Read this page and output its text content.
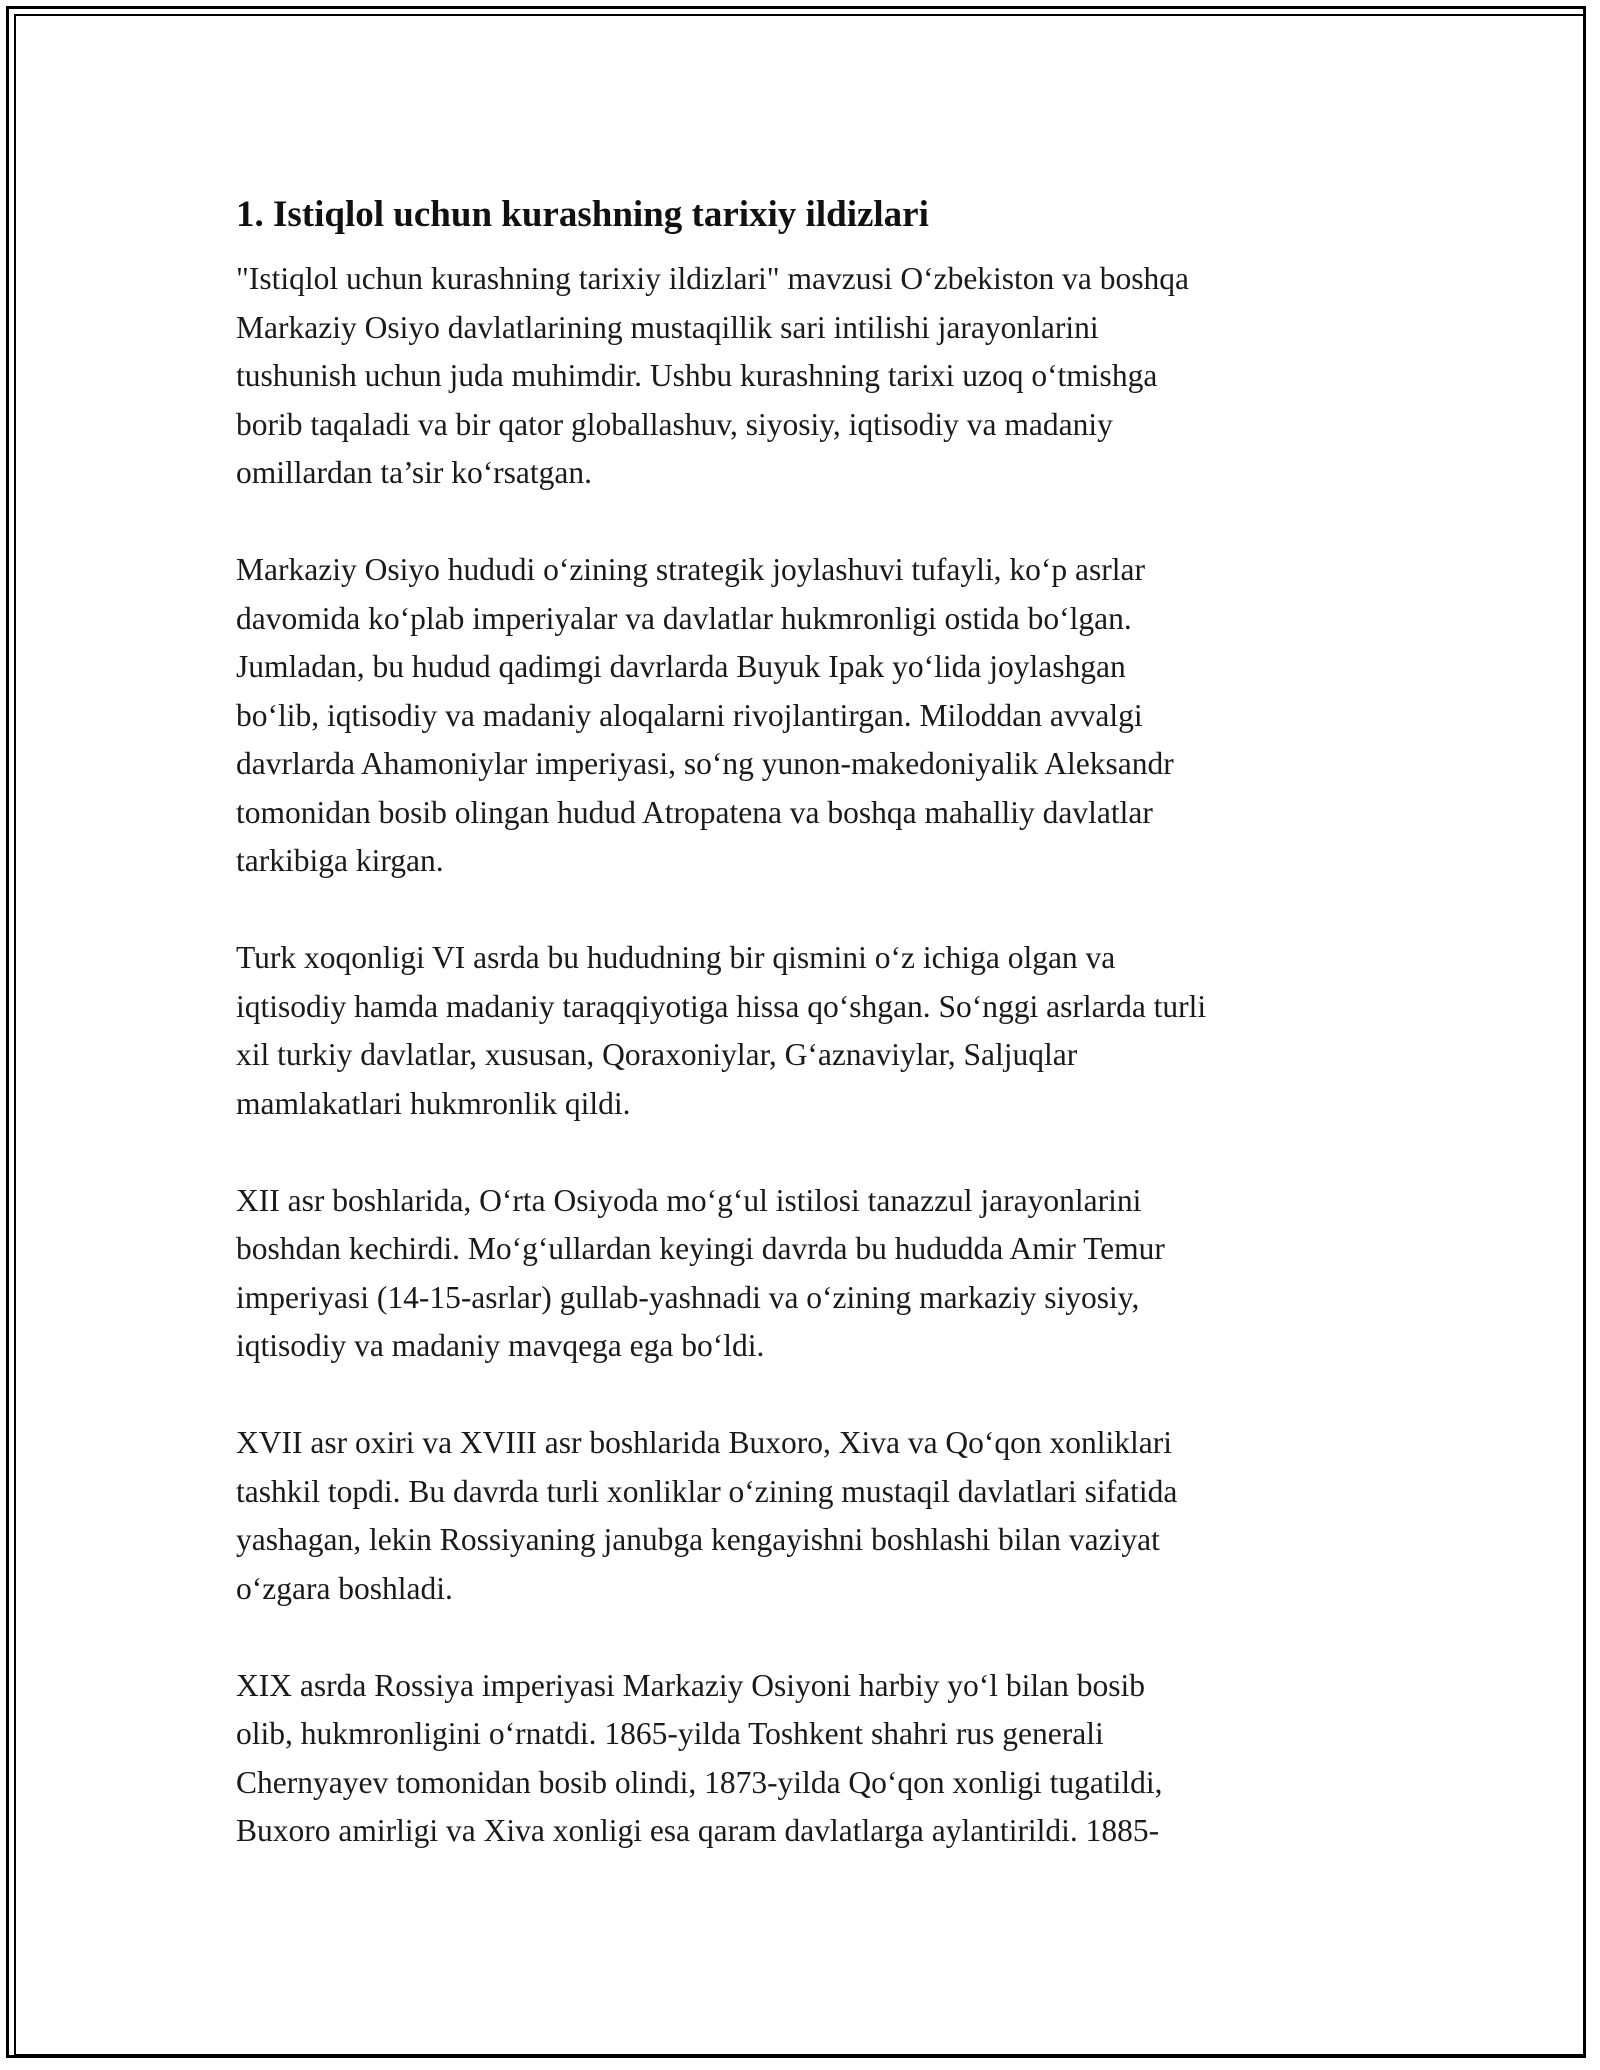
1. Istiqlol uchun kurashning tarixiy ildizlari

"Istiqlol uchun kurashning tarixiy ildizlari" mavzusi O‘zbekiston va boshqa
Markaziy Osiyo davlatlarining mustaqillik sari intilishi jarayonlarini
tushunish uchun juda muhimdir. Ushbu kurashning tarixi uzoq o‘tmishga
borib taqaladi va bir qator globallashuv, siyosiy, iqtisodiy va madaniy
omillardan ta’sir ko‘rsatgan.

Markaziy Osiyo hududi o‘zining strategik joylashuvi tufayli, ko‘p asrlar
davomida ko‘plab imperiyalar va davlatlar hukmronligi ostida bo‘lgan.
Jumladan, bu hudud qadimgi davrlarda Buyuk Ipak yo‘lida joylashgan
bo‘lib, iqtisodiy va madaniy aloqalarni rivojlantirgan. Miloddan avvalgi
davrlarda Ahamoniylar imperiyasi, so‘ng yunon-makedoniyalik Aleksandr
tomonidan bosib olingan hudud Atropatena va boshqa mahalliy davlatlar
tarkibiga kirgan.

Turk xoqonligi VI asrda bu hududning bir qismini o‘z ichiga olgan va
iqtisodiy hamda madaniy taraqqiyotiga hissa qo‘shgan. So‘nggi asrlarda turli
xil turkiy davlatlar, xususan, Qoraxoniylar, G‘aznaviylar, Saljuqlar
mamlakatlari hukmronlik qildi.

XII asr boshlarida, O‘rta Osiyoda mo‘g‘ul istilosi tanazzul jarayonlarini
boshdan kechirdi. Mo‘g‘ullardan keyingi davrda bu hududda Amir Temur
imperiyasi (14-15-asrlar) gullab-yashnadi va o‘zining markaziy siyosiy,
iqtisodiy va madaniy mavqega ega bo‘ldi.

XVII asr oxiri va XVIII asr boshlarida Buxoro, Xiva va Qo‘qon xonliklari
tashkil topdi. Bu davrda turli xonliklar o‘zining mustaqil davlatlari sifatida
yashagan, lekin Rossiyaning janubga kengayishni boshlashi bilan vaziyat
o‘zgara boshladi.

XIX asrda Rossiya imperiyasi Markaziy Osiyoni harbiy yo‘l bilan bosib
olib, hukmronligini o‘rnatdi. 1865-yilda Toshkent shahri rus generali
Chernyayev tomonidan bosib olindi, 1873-yilda Qo‘qon xonligi tugatildi,
Buxoro amirligi va Xiva xonligi esa qaram davlatlarga aylantirildi. 1885-
